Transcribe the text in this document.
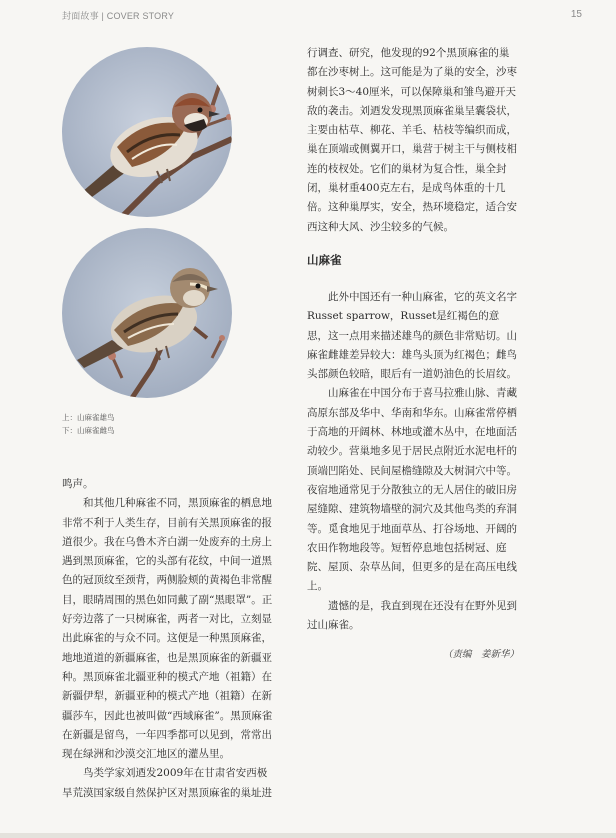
封面故事 | COVER STORY	15
上：山麻雀雄鸟
下：山麻雀雌鸟

鸣声。

和其他几种麻雀不同，黑顶麻雀的栖息地非常不利于人类生存，目前有关黑顶麻雀的报道很少。我在乌鲁木齐白湖一处废弃的土房上遇到黑顶麻雀，它的头部有花纹，中间一道黑色的冠顶纹至颈背，两侧脸颊的黄褐色非常醒目，眼睛周围的黑色如同戴了副“黑眼罩”。正好旁边落了一只树麻雀，两者一对比，立刻显出此麻雀的与众不同。这便是一种黑顶麻雀，地地道道的新疆麻雀，也是黑顶麻雀的新疆亚种。黑顶麻雀北疆亚种的模式产地（祖籍）在新疆伊犁，新疆亚种的模式产地（祖籍）在新疆莎车，因此也被叫做“西域麻雀”。黑顶麻雀在新疆是留鸟，一年四季都可以见到，常常出现在绿洲和沙漠交汇地区的灌丛里。

鸟类学家刘迺发2009年在甘肃省安西极旱荒漠国家级自然保护区对黑顶麻雀的巢址进

行调查、研究，他发现的92个黑顶麻雀的巢都在沙枣树上。这可能是为了巢的安全，沙枣树刺长3～40厘米，可以保障巢和雏鸟避开天敌的袭击。刘迺发发现黑顶麻雀巢呈囊袋状，主要由枯草、柳花、羊毛、枯枝等编织而成，巢在顶端或侧翼开口，巢营于树主干与侧枝相连的枝杈处。它们的巢材为复合性，巢全封闭，巢材重400克左右，是成鸟体重的十几倍。这种巢厚实，安全，热环境稳定，适合安西这种大风、沙尘较多的气候。

山麻雀

此外中国还有一种山麻雀，它的英文名字Russet sparrow，Russet是红褐色的意思，这一点用来描述雄鸟的颜色非常贴切。山麻雀雌雄差异较大：雄鸟头顶为红褐色；雌鸟头部颜色较暗，眼后有一道奶油色的长眉纹。

山麻雀在中国分布于喜马拉雅山脉、青藏高原东部及华中、华南和华东。山麻雀常停栖于高地的开阔林、林地或灌木丛中，在地面活动较少。营巢地多见于居民点附近水泥电杆的顶端凹陷处、民间屋檐缝隙及大树洞穴中等。夜宿地通常见于分散独立的无人居住的破旧房屋缝隙、建筑物墙壁的洞穴及其他鸟类的弃洞等。觅食地见于地面草丛、打谷场地、开阔的农田作物地段等。短暂停息地包括树冠、庭院、屋顶、杂草丛间，但更多的是在高压电线上。

遗憾的是，我直到现在还没有在野外见到过山麻雀。

（责编　姜新华）
